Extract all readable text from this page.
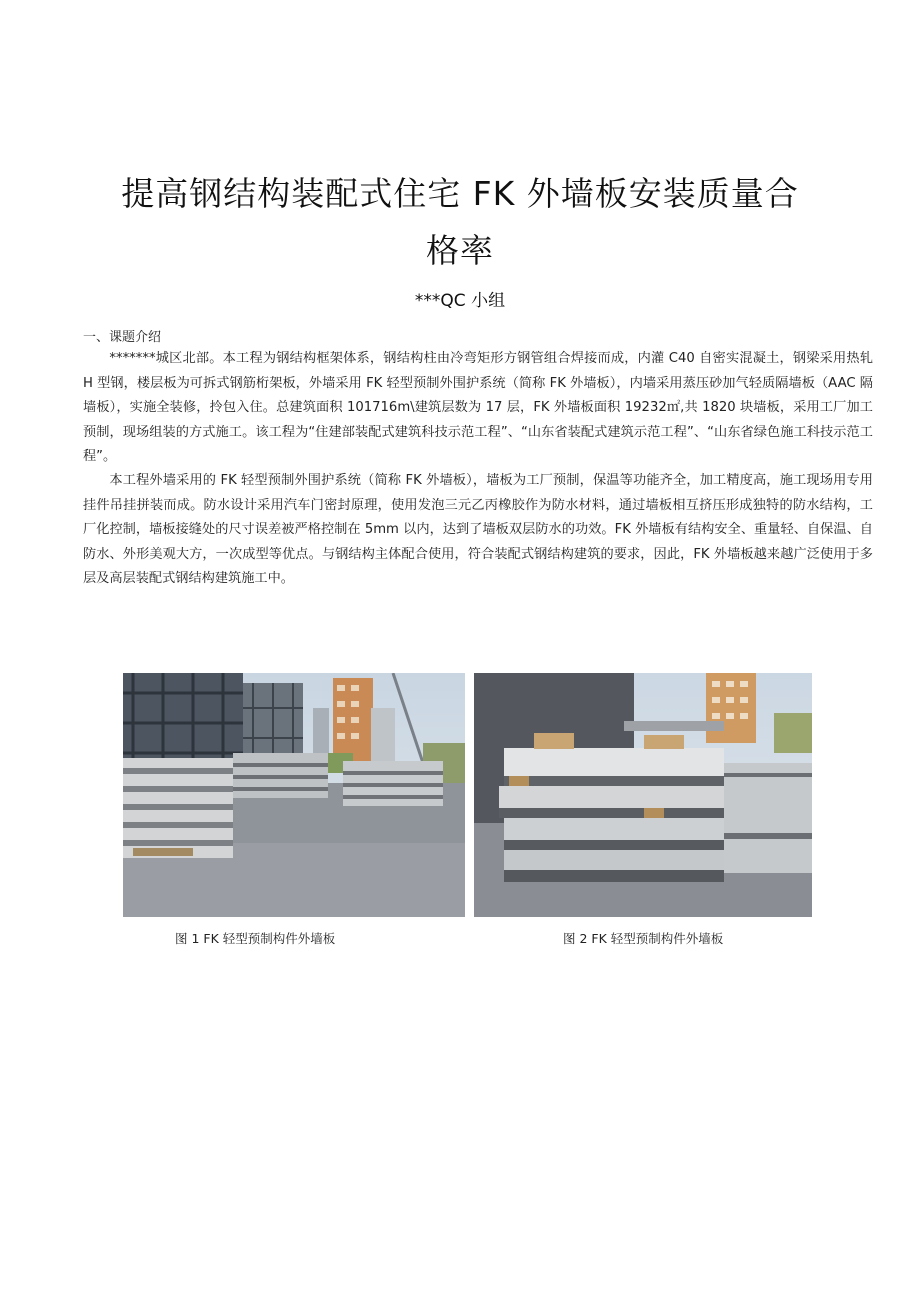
提高钢结构装配式住宅 FK 外墙板安装质量合
格率
***QC 小组
一、课题介绍

*******城区北部。本工程为钢结构框架体系，钢结构柱由冷弯矩形方钢管组合焊接而成，内灌 C40 自密实混凝土，钢梁采用热轧 H 型钢，楼层板为可拆式钢筋桁架板，外墙采用 FK 轻型预制外围护系统（简称 FK 外墙板），内墙采用蒸压砂加气轻质隔墙板（AAC 隔墙板），实施全装修，拎包入住。总建筑面积 101716m\建筑层数为 17 层，FK 外墙板面积 19232㎡,共 1820 块墙板，采用工厂加工预制，现场组装的方式施工。该工程为“住建部装配式建筑科技示范工程”、“山东省装配式建筑示范工程”、“山东省绿色施工科技示范工程”。

本工程外墙采用的 FK 轻型预制外围护系统（简称 FK 外墙板），墙板为工厂预制，保温等功能齐全，加工精度高，施工现场用专用挂件吊挂拼装而成。防水设计采用汽车门密封原理，使用发泡三元乙丙橡胶作为防水材料，通过墙板相互挤压形成独特的防水结构，工厂化控制，墙板接缝处的尺寸误差被严格控制在 5mm 以内，达到了墙板双层防水的功效。FK 外墙板有结构安全、重量轻、自保温、自防水、外形美观大方，一次成型等优点。与钢结构主体配合使用，符合装配式钢结构建筑的要求，因此，FK 外墙板越来越广泛使用于多层及高层装配式钢结构建筑施工中。

图 1 FK 轻型预制构件外墙板	图 2 FK 轻型预制构件外墙板
